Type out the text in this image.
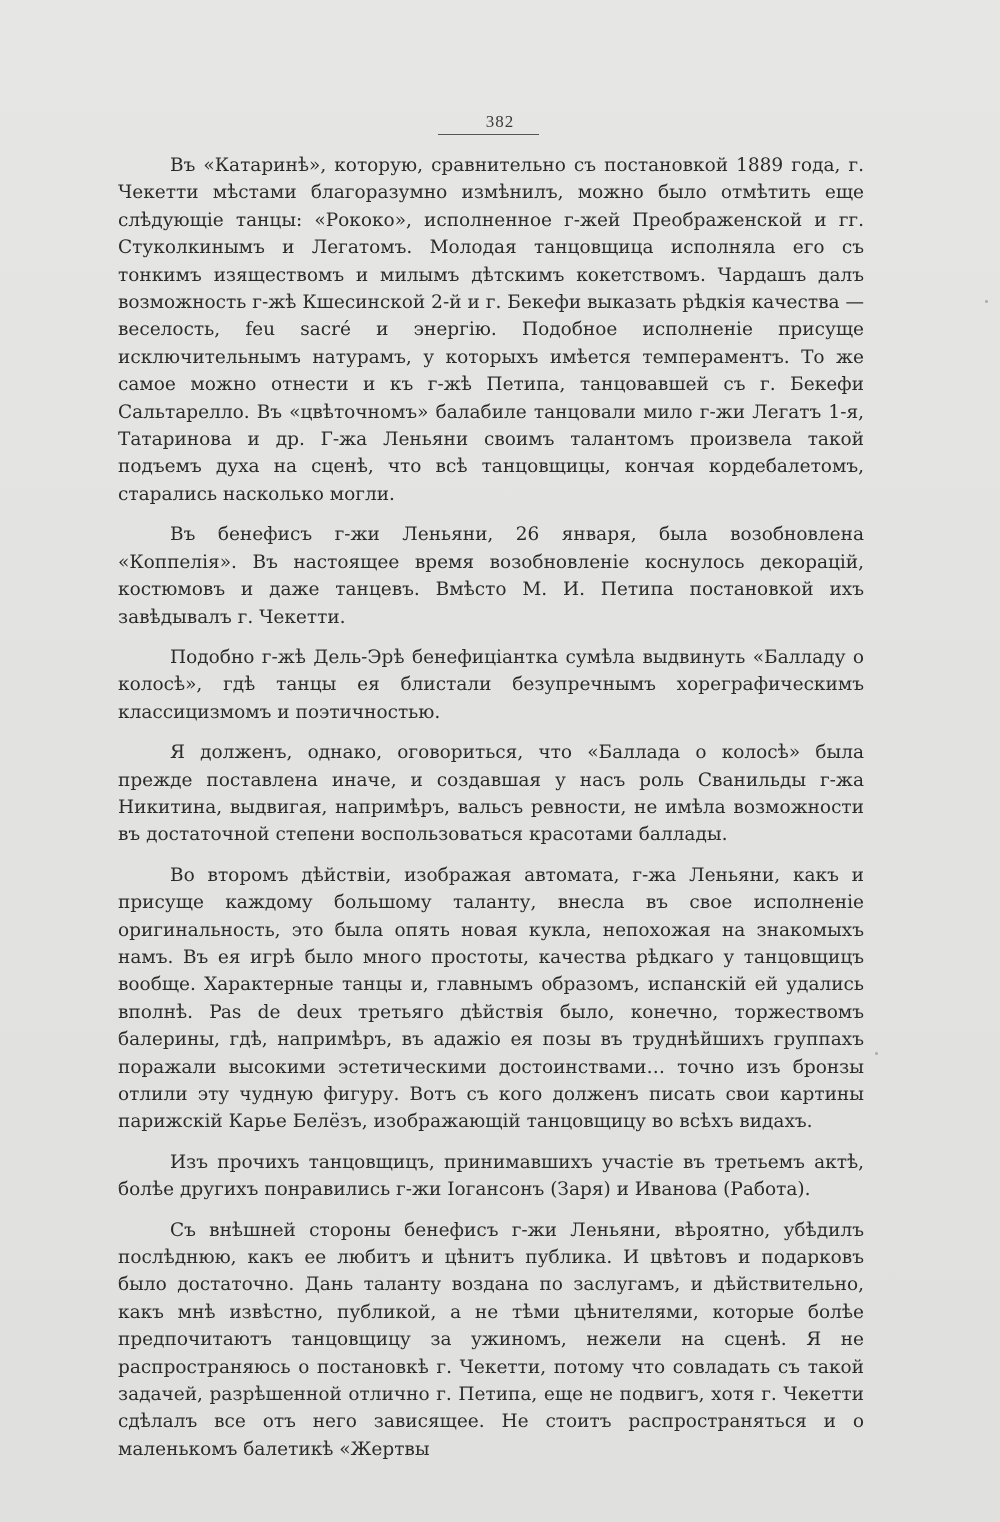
382

Въ «Катаринѣ», которую, сравнительно съ постановкой 1889 года, г. Чекетти мѣстами благоразумно измѣнилъ, можно было отмѣтить еще слѣдующіе танцы: «Рококо», исполненное г-жей Преображенской и гг. Стуколкинымъ и Легатомъ. Молодая танцовщица исполняла его съ тонкимъ изяществомъ и милымъ дѣтскимъ кокетствомъ. Чардашъ далъ возможность г-жѣ Кшесинской 2-й и г. Бекефи выказать рѣдкія качества — веселость, feu sacré и энергію. Подобное исполненіе присуще исключительнымъ натурамъ, у которыхъ имѣется темпераментъ. То же самое можно отнести и къ г-жѣ Петипа, танцовавшей съ г. Бекефи Сальтарелло. Въ «цвѣточномъ» балабиле танцовали мило г-жи Легатъ 1-я, Татаринова и др. Г-жа Леньяни своимъ талантомъ произвела такой подъемъ духа на сценѣ, что всѣ танцовщицы, кончая кордебалетомъ, старались насколько могли.

Въ бенефисъ г-жи Леньяни, 26 января, была возобновлена «Коппелія». Въ настоящее время возобновленіе коснулось декорацій, костюмовъ и даже танцевъ. Вмѣсто М. И. Петипа постановкой ихъ завѣдывалъ г. Чекетти.

Подобно г-жѣ Дель-Эрѣ бенефиціантка сумѣла выдвинуть «Балладу о колосѣ», гдѣ танцы ея блистали безупречнымъ хореграфическимъ классицизмомъ и поэтичностью.

Я долженъ, однако, оговориться, что «Баллада о колосѣ» была прежде поставлена иначе, и создавшая у насъ роль Сванильды г-жа Никитина, выдвигая, напримѣръ, вальсъ ревности, не имѣла возможности въ достаточной степени воспользоваться красотами баллады.

Во второмъ дѣйствіи, изображая автомата, г-жа Леньяни, какъ и присуще каждому большому таланту, внесла въ свое исполненіе оригинальность, это была опять новая кукла, непохожая на знакомыхъ намъ. Въ ея игрѣ было много простоты, качества рѣдкаго у танцовщицъ вообще. Характерные танцы и, главнымъ образомъ, испанскій ей удались вполнѣ. Pas de deux третьяго дѣйствія было, конечно, торжествомъ балерины, гдѣ, напримѣръ, въ адажіо ея позы въ труднѣйшихъ группахъ поражали высокими эстетическими достоинствами… точно изъ бронзы отлили эту чудную фигуру. Вотъ съ кого долженъ писать свои картины парижскій Карье Белёзъ, изображающій танцовщицу во всѣхъ видахъ.

Изъ прочихъ танцовщицъ, принимавшихъ участіе въ третьемъ актѣ, болѣе другихъ понравились г-жи Іогансонъ (Заря) и Иванова (Работа).

Съ внѣшней стороны бенефисъ г-жи Леньяни, вѣроятно, убѣдилъ послѣднюю, какъ ее любитъ и цѣнитъ публика. И цвѣтовъ и подарковъ было достаточно. Дань таланту воздана по заслугамъ, и дѣйствительно, какъ мнѣ извѣстно, публикой, а не тѣми цѣнителями, которые болѣе предпочитаютъ танцовщицу за ужиномъ, нежели на сценѣ. Я не распространяюсь о постановкѣ г. Чекетти, потому что совладать съ такой задачей, разрѣшенной отлично г. Петипа, еще не подвигъ, хотя г. Чекетти сдѣлалъ все отъ него зависящее. Не стоитъ распространяться и о маленькомъ балетикѣ «Жертвы
